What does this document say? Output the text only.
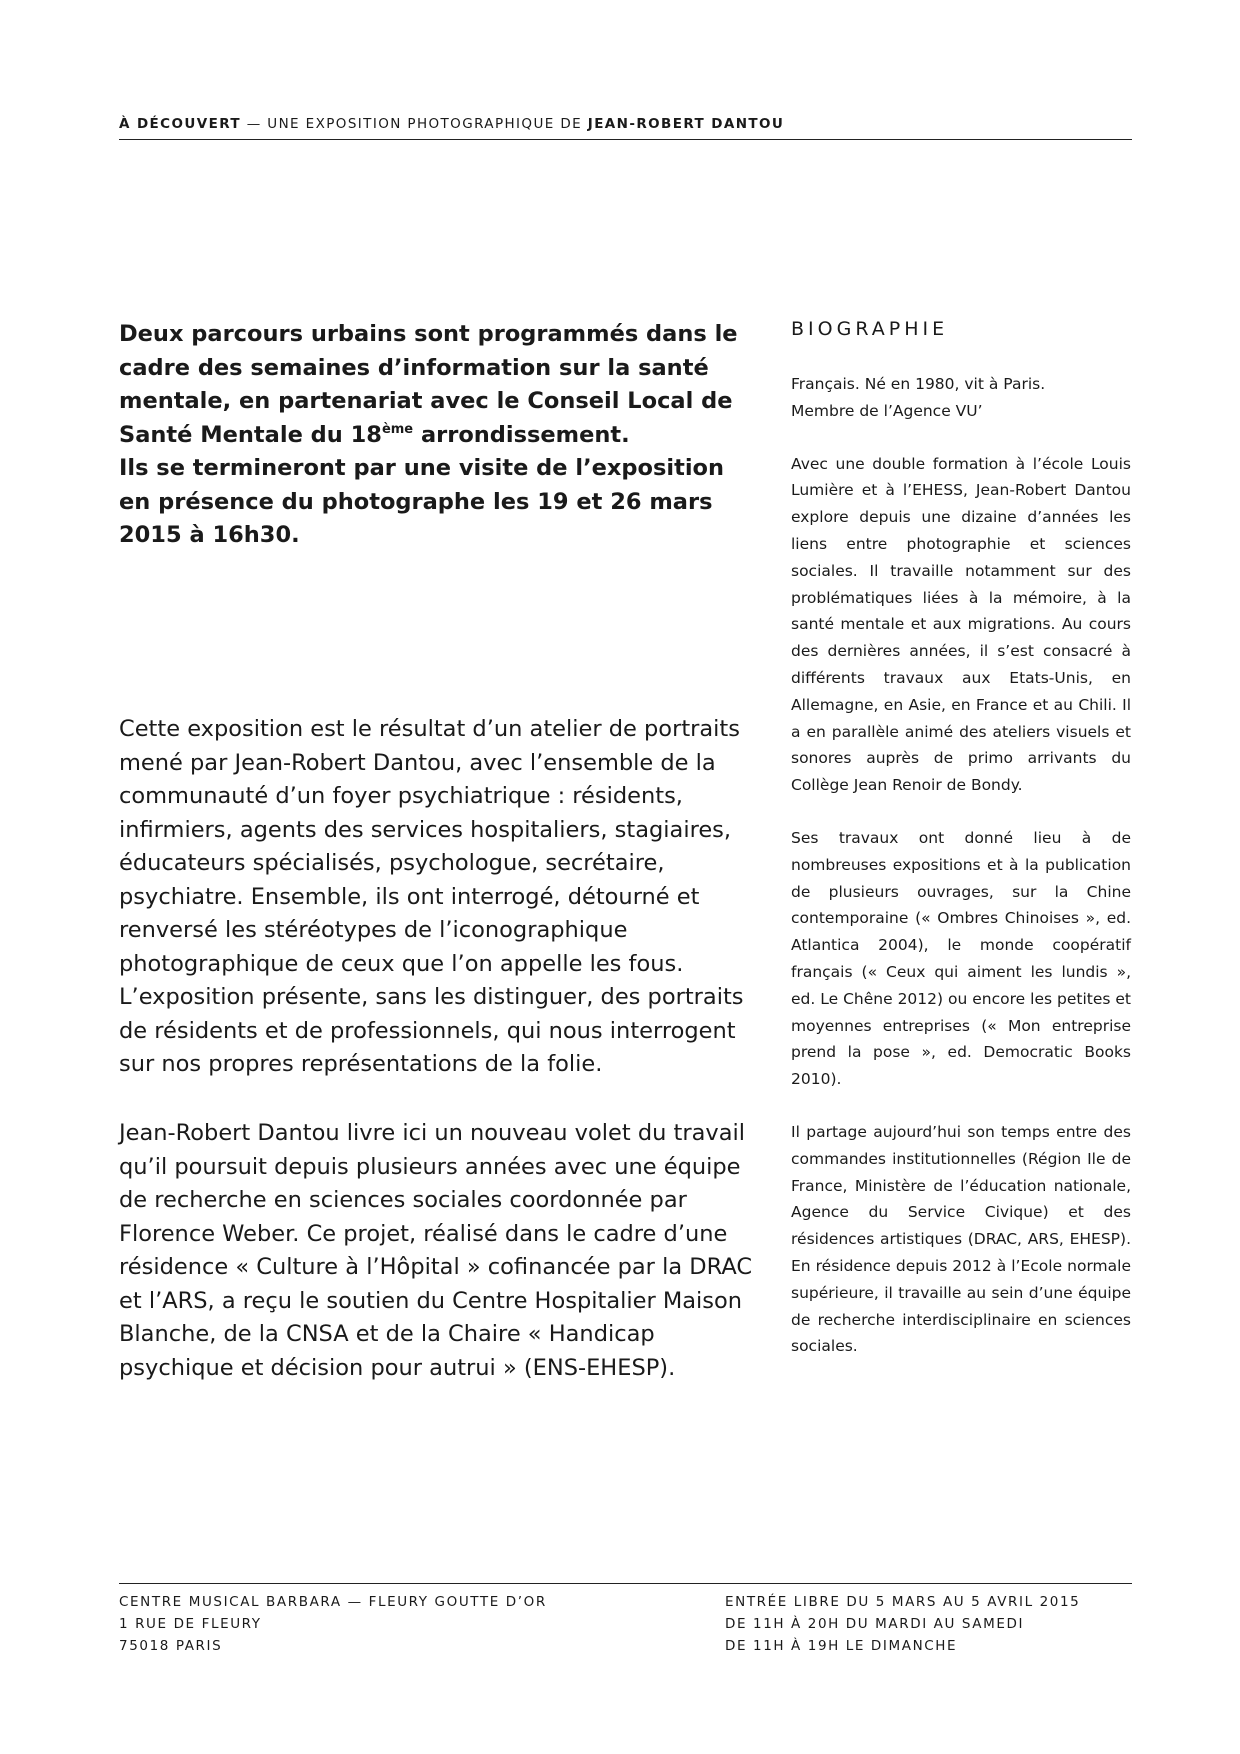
À DÉCOUVERT — UNE EXPOSITION PHOTOGRAPHIQUE DE JEAN-ROBERT DANTOU

Deux parcours urbains sont programmés dans le cadre des semaines d’information sur la santé mentale, en partenariat avec le Conseil Local de Santé Mentale du 18ème arrondissement.

Ils se termineront par une visite de l’exposition en présence du photographe les 19 et 26 mars 2015 à 16h30.

Cette exposition est le résultat d’un atelier de portraits mené par Jean-Robert Dantou, avec l’ensemble de la communauté d’un foyer psychiatrique : résidents, infirmiers, agents des services hospitaliers, stagiaires, éducateurs spécialisés, psychologue, secrétaire, psychiatre. Ensemble, ils ont interrogé, détourné et renversé les stéréotypes de l’iconographique photographique de ceux que l’on appelle les fous. L’exposition présente, sans les distinguer, des portraits de résidents et de professionnels, qui nous interrogent sur nos propres représentations de la folie.

Jean-Robert Dantou livre ici un nouveau volet du travail qu’il poursuit depuis plusieurs années avec une équipe de recherche en sciences sociales coordonnée par Florence Weber. Ce projet, réalisé dans le cadre d’une résidence « Culture à l’Hôpital » cofinancée par la DRAC et l’ARS, a reçu le soutien du Centre Hospitalier Maison Blanche, de la CNSA et de la Chaire « Handicap psychique et décision pour autrui » (ENS-EHESP).

BIOGRAPHIE

Français. Né en 1980, vit à Paris.
Membre de l’Agence VU’

Avec une double formation à l’école Louis Lumière et à l’EHESS, Jean-Robert Dantou explore depuis une dizaine d’années les liens entre photographie et sciences sociales. Il travaille notamment sur des problématiques liées à la mémoire, à la santé mentale et aux migrations. Au cours des dernières années, il s’est consacré à différents travaux aux Etats-Unis, en Allemagne, en Asie, en France et au Chili. Il a en parallèle animé des ateliers visuels et sonores auprès de primo arrivants du Collège Jean Renoir de Bondy.

Ses travaux ont donné lieu à de nombreuses expositions et à la publication de plusieurs ouvrages, sur la Chine contemporaine (« Ombres Chinoises », ed. Atlantica 2004), le monde coopératif français (« Ceux qui aiment les lundis », ed. Le Chêne 2012) ou encore les petites et moyennes entreprises (« Mon entreprise prend la pose », ed. Democratic Books 2010).

Il partage aujourd’hui son temps entre des commandes institutionnelles (Région Ile de France, Ministère de l’éducation nationale, Agence du Service Civique) et des résidences artistiques (DRAC, ARS, EHESP). En résidence depuis 2012 à l’Ecole normale supérieure, il travaille au sein d’une équipe de recherche interdisciplinaire en sciences sociales.

CENTRE MUSICAL BARBARA — FLEURY GOUTTE D’OR
1 RUE DE FLEURY
75018 PARIS
ENTRÉE LIBRE DU 5 MARS AU 5 AVRIL 2015
DE 11H À 20H DU MARDI AU SAMEDI
DE 11H À 19H LE DIMANCHE
